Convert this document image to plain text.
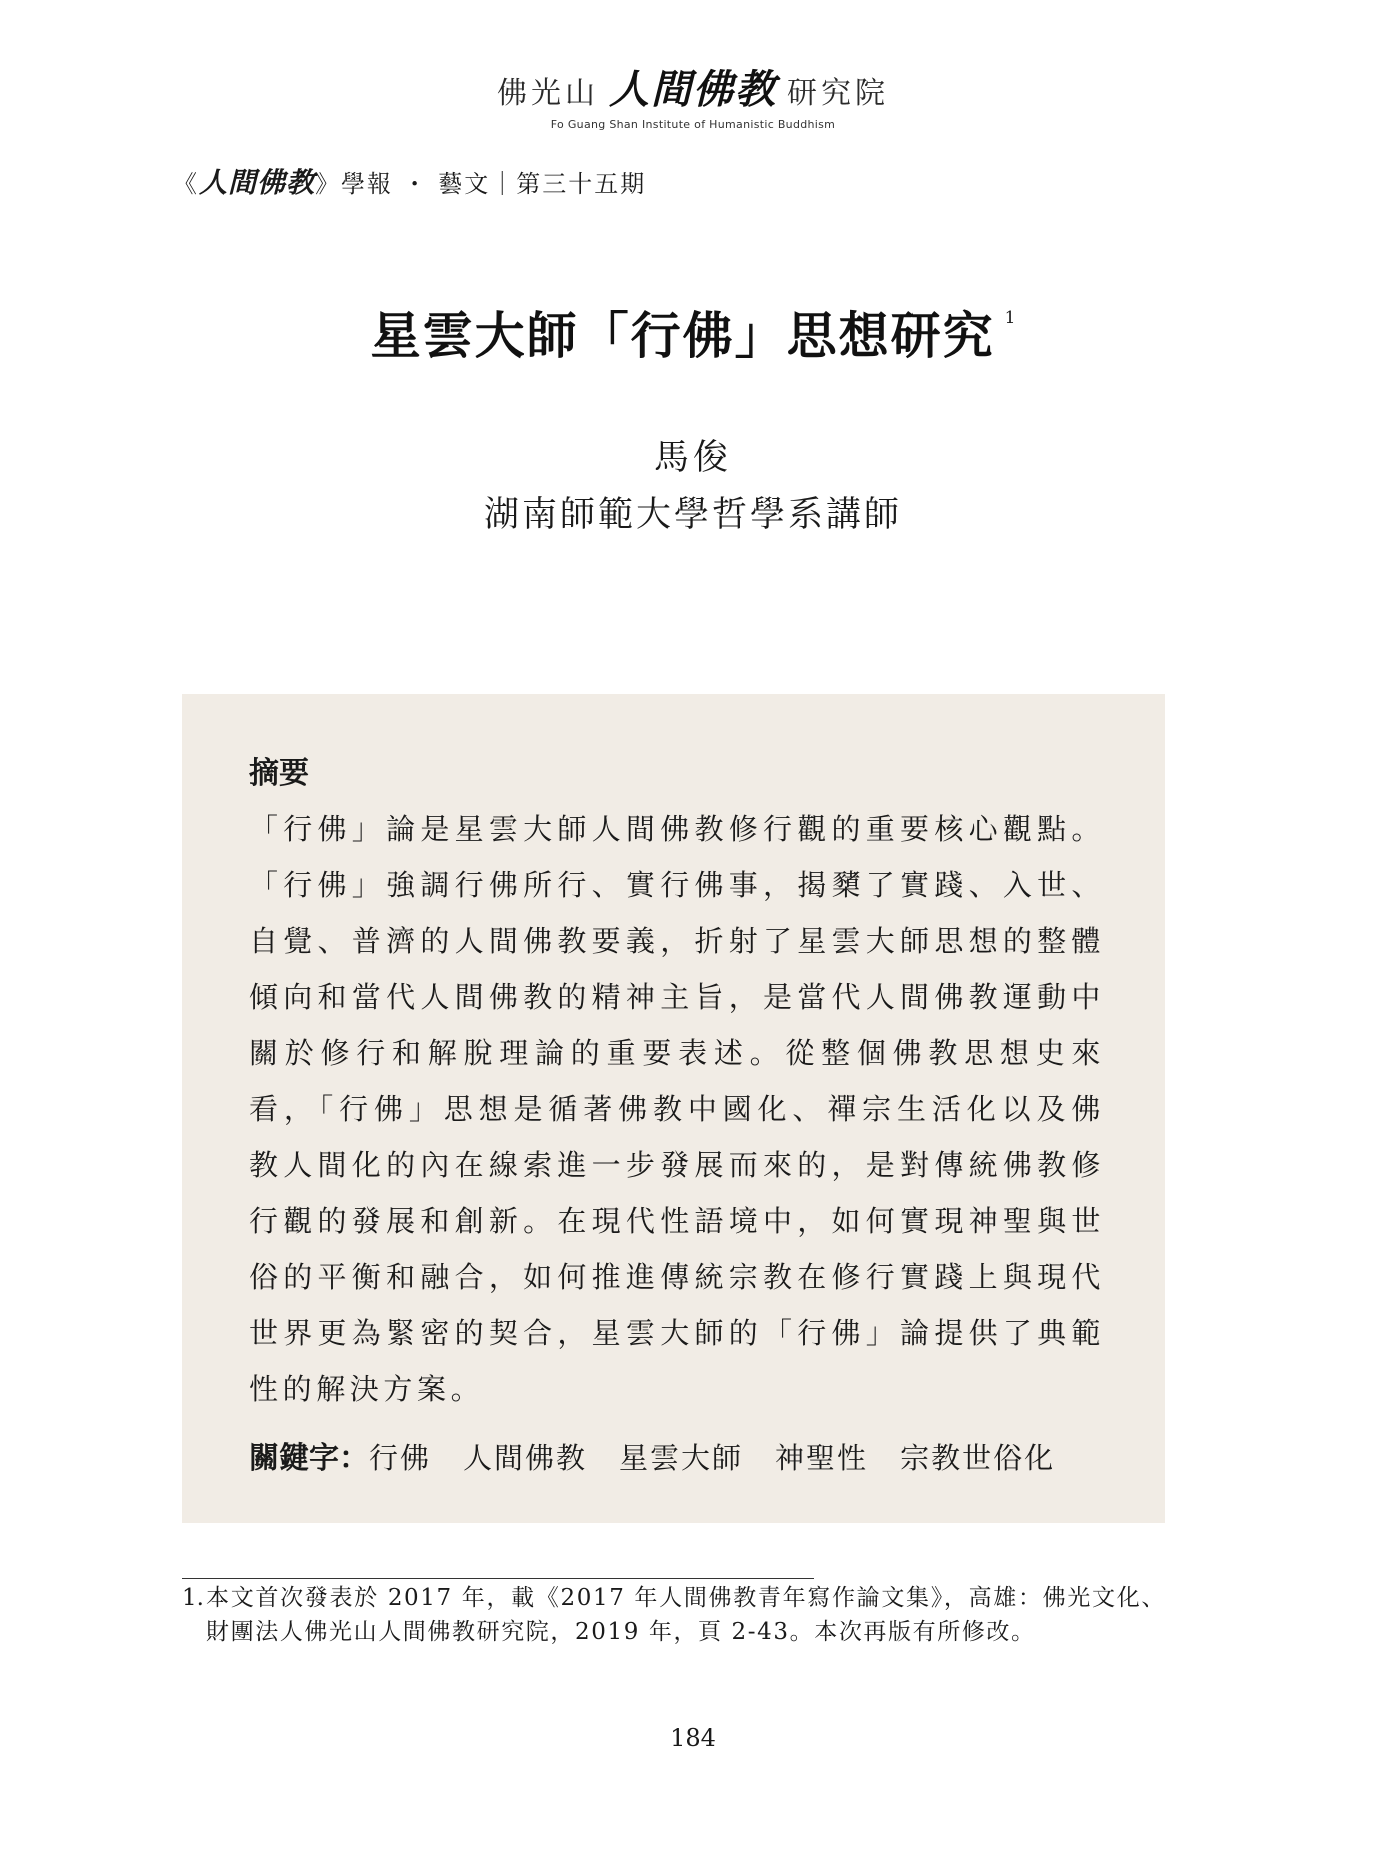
佛光山 人間佛教 研究院
Fo Guang Shan Institute of Humanistic Buddhism
《 人間佛教 》學報 ・ 藝文｜第三十五期
星雲大師「行佛」思想研究 $^1$
馬俊
湖南師範大學哲學系講師
摘要
「行佛」論是星雲大師人間佛教修行觀的重要核心觀點。「行佛」強調行佛所行、實行佛事，揭櫫了實踐、入世、自覺、普濟的人間佛教要義，折射了星雲大師思想的整體傾向和當代人間佛教的精神主旨，是當代人間佛教運動中關於修行和解脫理論的重要表述。從整個佛教思想史來看，「行佛」思想是循著佛教中國化、禪宗生活化以及佛教人間化的內在線索進一步發展而來的，是對傳統佛教修行觀的發展和創新。在現代性語境中，如何實現神聖與世俗的平衡和融合，如何推進傳統宗教在修行實踐上與現代世界更為緊密的契合，星雲大師的「行佛」論提供了典範性的解決方案。
關鍵字： 行佛 人間佛教 星雲大師 神聖性 宗教世俗化
1. 本文首次發表於 2017 年，載《2017 年人間佛教青年寫作論文集》，高雄：佛光文化、財團法人佛光山人間佛教研究院，2019 年，頁 2-43。本次再版有所修改。
184
